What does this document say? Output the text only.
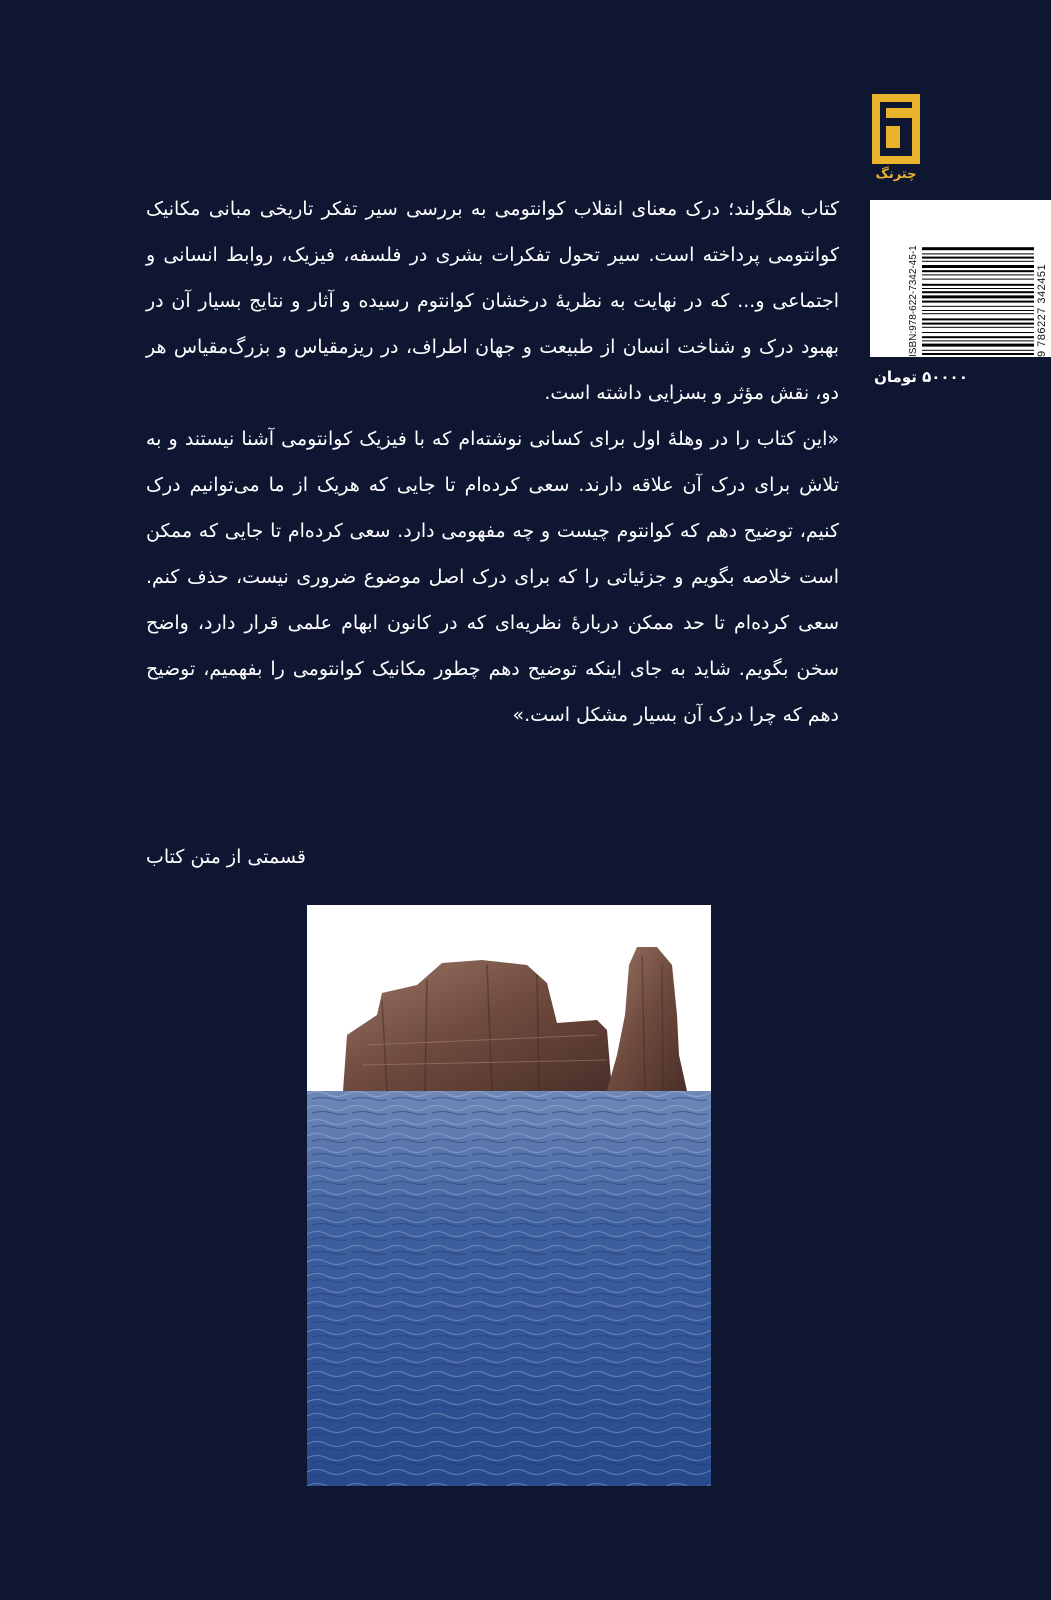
چترنگ
ISBN:978-622-7342-45-1	9 786227 342451
۵۰۰۰۰ تومان

کتاب هلگولند؛ درک معنای انقلاب کوانتومی به بررسی سیر تفکر تاریخی مبانی مکانیک کوانتومی پرداخته است. سیر تحول تفکرات بشری در فلسفه، فیزیک، روابط انسانی و اجتماعی و... که در نهایت به نظریهٔ درخشان کوانتوم رسیده و آثار و نتایج بسیار آن در بهبود درک و شناخت انسان از طبیعت و جهان اطراف، در ریزمقیاس و بزرگ‌مقیاس هر دو، نقش مؤثر و بسزایی داشته است.

«این کتاب را در وهلهٔ اول برای کسانی نوشته‌ام که با فیزیک کوانتومی آشنا نیستند و به تلاش برای درک آن علاقه دارند. سعی کرده‌ام تا جایی که هریک از ما می‌توانیم درک کنیم، توضیح دهم که کوانتوم چیست و چه مفهومی دارد. سعی کرده‌ام تا جایی که ممکن است خلاصه بگویم و جزئیاتی را که برای درک اصل موضوع ضروری نیست، حذف کنم. سعی کرده‌ام تا حد ممکن دربارهٔ نظریه‌ای که در کانون ابهام علمی قرار دارد، واضح سخن بگویم. شاید به جای اینکه توضیح دهم چطور مکانیک کوانتومی را بفهمیم، توضیح دهم که چرا درک آن بسیار مشکل است.»

قسمتی از متن کتاب
